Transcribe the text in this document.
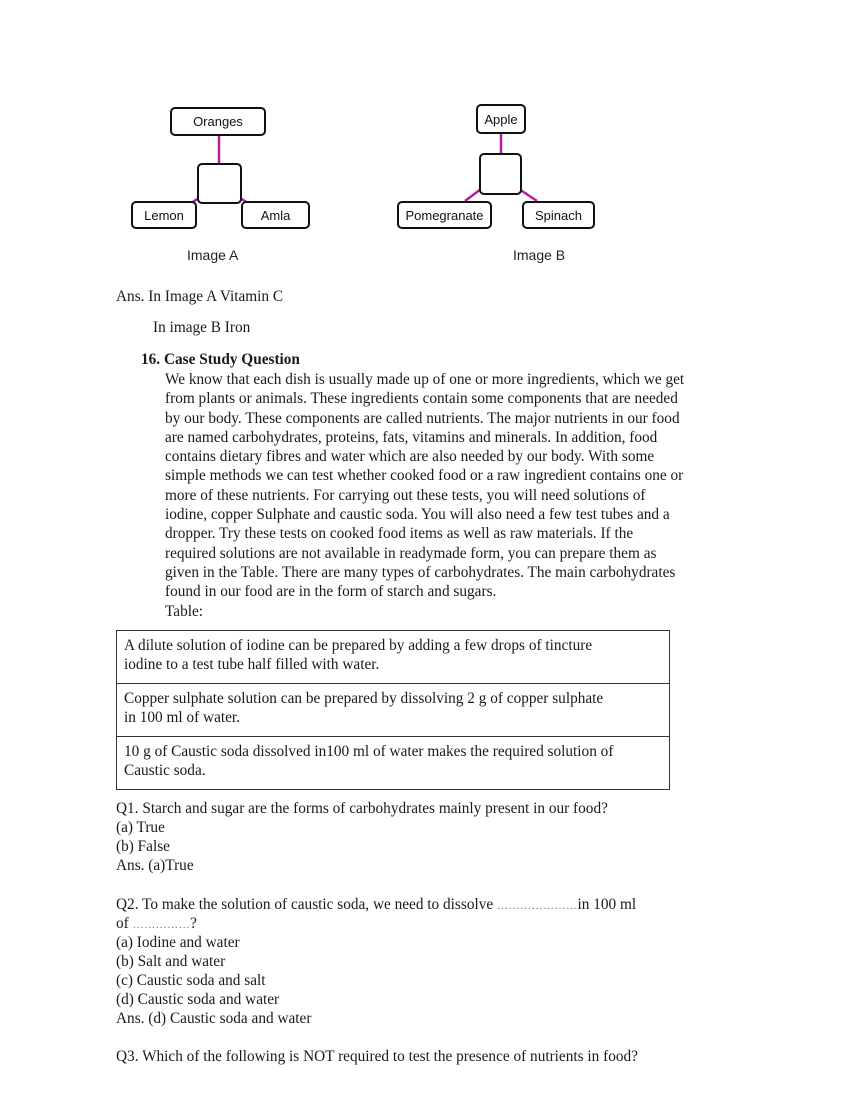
Oranges
Lemon	Amla
Image A
Apple
Pomegranate	Spinach
Image B
Ans. In Image A Vitamin C
In image B Iron
16. Case Study Question
We know that each dish is usually made up of one or more ingredients, which we get
from plants or animals. These ingredients contain some components that are needed
by our body. These components are called nutrients. The major nutrients in our food
are named carbohydrates, proteins, fats, vitamins and minerals. In addition, food
contains dietary fibres and water which are also needed by our body. With some
simple methods we can test whether cooked food or a raw ingredient contains one or
more of these nutrients. For carrying out these tests, you will need solutions of
iodine, copper Sulphate and caustic soda. You will also need a few test tubes and a
dropper. Try these tests on cooked food items as well as raw materials. If the
required solutions are not available in readymade form, you can prepare them as
given in the Table. There are many types of carbohydrates. The main carbohydrates
found in our food are in the form of starch and sugars.
Table:
A dilute solution of iodine can be prepared by adding a few drops of tincture
iodine to a test tube half filled with water.

Copper sulphate solution can be prepared by dissolving 2 g of copper sulphate
in 100 ml of water.

10 g of Caustic soda dissolved in100 ml of water makes the required solution of
Caustic soda.
Q1. Starch and sugar are the forms of carbohydrates mainly present in our food?
(a) True
(b) False
Ans. (a)True
Q2. To make the solution of caustic soda, we need to dissolve …………………in 100 ml
of ……………?
(a) Iodine and water
(b) Salt and water
(c) Caustic soda and salt
(d) Caustic soda and water
Ans. (d) Caustic soda and water
Q3. Which of the following is NOT required to test the presence of nutrients in food?
